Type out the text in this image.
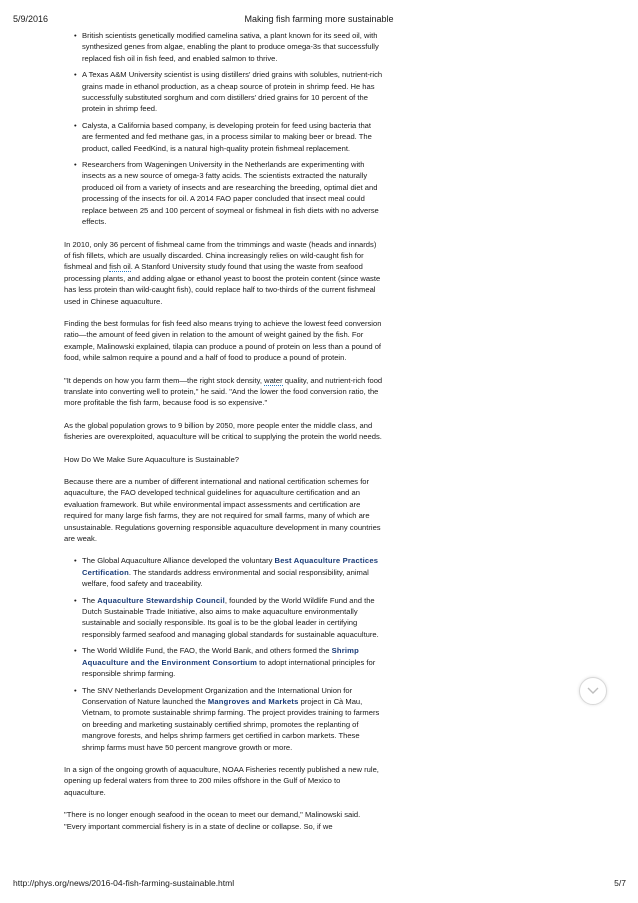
5/9/2016	Making fish farming more sustainable
• British scientists genetically modified camelina sativa, a plant known for its seed oil, with synthesized genes from algae, enabling the plant to produce omega-3s that successfully replaced fish oil in fish feed, and enabled salmon to thrive.
• A Texas A&M University scientist is using distillers' dried grains with solubles, nutrient-rich grains made in ethanol production, as a cheap source of protein in shrimp feed. He has successfully substituted sorghum and corn distillers' dried grains for 10 percent of the protein in shrimp feed.
• Calysta, a California based company, is developing protein for feed using bacteria that are fermented and fed methane gas, in a process similar to making beer or bread. The product, called FeedKind, is a natural high-quality protein fishmeal replacement.
• Researchers from Wageningen University in the Netherlands are experimenting with insects as a new source of omega-3 fatty acids. The scientists extracted the naturally produced oil from a variety of insects and are researching the breeding, optimal diet and processing of the insects for oil. A 2014 FAO paper concluded that insect meal could replace between 25 and 100 percent of soymeal or fishmeal in fish diets with no adverse effects.

In 2010, only 36 percent of fishmeal came from the trimmings and waste (heads and innards) of fish fillets, which are usually discarded. China increasingly relies on wild-caught fish for fishmeal and fish oil. A Stanford University study found that using the waste from seafood processing plants, and adding algae or ethanol yeast to boost the protein content (since waste has less protein than wild-caught fish), could replace half to two-thirds of the current fishmeal used in Chinese aquaculture.

Finding the best formulas for fish feed also means trying to achieve the lowest feed conversion ratio—the amount of feed given in relation to the amount of weight gained by the fish. For example, Malinowski explained, tilapia can produce a pound of protein on less than a pound of food, while salmon require a pound and a half of food to produce a pound of protein.

"It depends on how you farm them—the right stock density, water quality, and nutrient-rich food translate into converting well to protein," he said. "And the lower the food conversion ratio, the more profitable the fish farm, because food is so expensive."

As the global population grows to 9 billion by 2050, more people enter the middle class, and fisheries are overexploited, aquaculture will be critical to supplying the protein the world needs.

How Do We Make Sure Aquaculture is Sustainable?

Because there are a number of different international and national certification schemes for aquaculture, the FAO developed technical guidelines for aquaculture certification and an evaluation framework. But while environmental impact assessments and certification are required for many large fish farms, they are not required for small farms, many of which are unsustainable. Regulations governing responsible aquaculture development in many countries are weak.

• The Global Aquaculture Alliance developed the voluntary Best Aquaculture Practices Certification. The standards address environmental and social responsibility, animal welfare, food safety and traceability.
• The Aquaculture Stewardship Council, founded by the World Wildlife Fund and the Dutch Sustainable Trade Initiative, also aims to make aquaculture environmentally sustainable and socially responsible. Its goal is to be the global leader in certifying responsibly farmed seafood and managing global standards for sustainable aquaculture.
• The World Wildlife Fund, the FAO, the World Bank, and others formed the Shrimp Aquaculture and the Environment Consortium to adopt international principles for responsible shrimp farming.
• The SNV Netherlands Development Organization and the International Union for Conservation of Nature launched the Mangroves and Markets project in Cà Mau, Vietnam, to promote sustainable shrimp farming. The project provides training to farmers on breeding and marketing sustainably certified shrimp, promotes the replanting of mangrove forests, and helps shrimp farmers get certified in carbon markets. These shrimp farms must have 50 percent mangrove growth or more.

In a sign of the ongoing growth of aquaculture, NOAA Fisheries recently published a new rule, opening up federal waters from three to 200 miles offshore in the Gulf of Mexico to aquaculture.

"There is no longer enough seafood in the ocean to meet our demand," Malinowski said. "Every important commercial fishery is in a state of decline or collapse. So, if we

http://phys.org/news/2016-04-fish-farming-sustainable.html	5/7
